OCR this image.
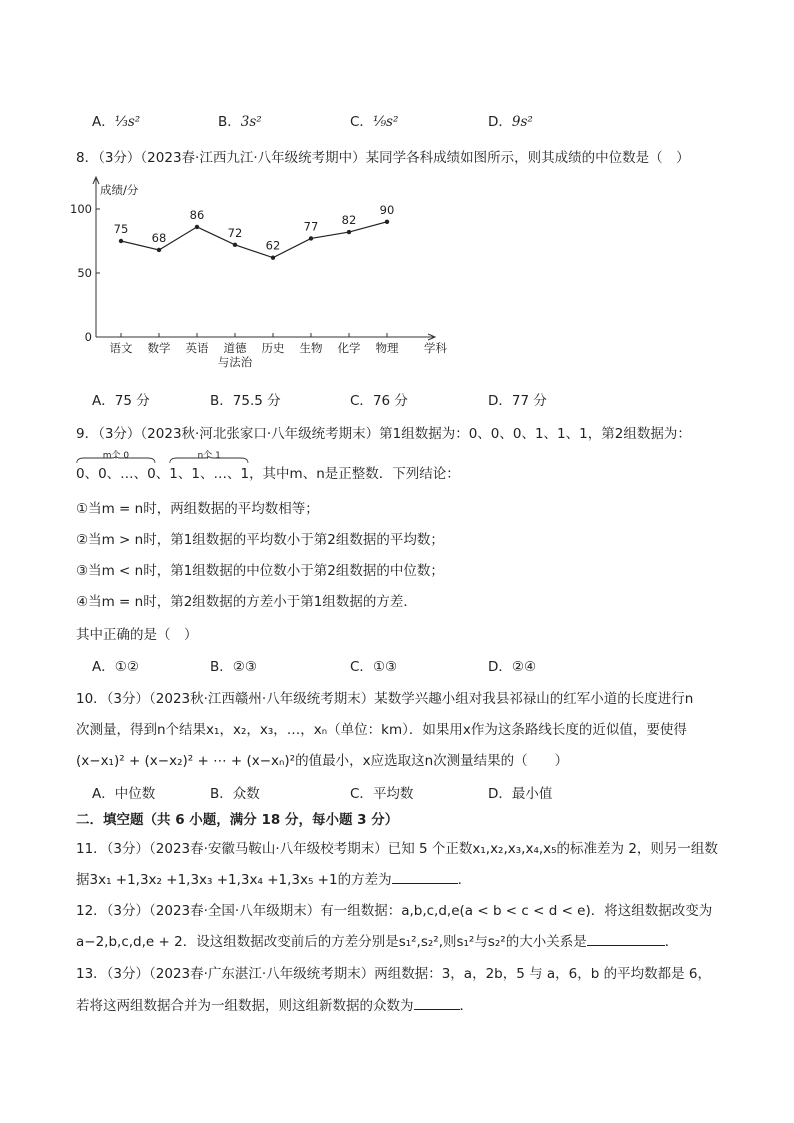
A．⅓s²	B．3s²	C．⅑s²	D．9s²
8．（3分）（2023春·江西九江·八年级统考期中）某同学各科成绩如图所示，则其成绩的中位数是（　）
0
50
100
语文 数学 英语 道德
与法治
历史 生物 化学 物理
成绩/分
学科
75
68
86
72
62
77 82
90
A．75 分	B．75.5 分	C．76 分	D．77 分
9．（3分）（2023秋·河北张家口·八年级统考期末）第1组数据为：0、0、0、1、1、1，第2组数据为：
m个 0
0、0、…、0、
n个 1
1、1、…、1，其中m、n是正整数．下列结论：
①当m = n时，两组数据的平均数相等；
②当m > n时，第1组数据的平均数小于第2组数据的平均数；
③当m < n时，第1组数据的中位数小于第2组数据的中位数；
④当m = n时，第2组数据的方差小于第1组数据的方差．
其中正确的是（　）
A．①②	B．②③	C．①③	D．②④
10．（3分）（2023秋·江西赣州·八年级统考期末）某数学兴趣小组对我县祁禄山的红军小道的长度进行n
次测量，得到n个结果x₁，x₂，x₃，…，xₙ（单位：km）．如果用x作为这条路线长度的近似值，要使得
(x−x₁)² + (x−x₂)² + ⋯ + (x−xₙ)²的值最小，x应选取这n次测量结果的（　　）
A．中位数	B．众数	C．平均数	D．最小值
二．填空题（共 6 小题，满分 18 分，每小题 3 分）
11．（3分）（2023春·安徽马鞍山·八年级校考期末）已知 5 个正数x₁,x₂,x₃,x₄,x₅的标准差为 2，则另一组数
据3x₁ +1,3x₂ +1,3x₃ +1,3x₄ +1,3x₅ +1的方差为	．
12．（3分）（2023春·全国·八年级期末）有一组数据：a,b,c,d,e(a < b < c < d < e)．将这组数据改变为
a−2,b,c,d,e + 2．设这组数据改变前后的方差分别是s₁²,s₂²,则s₁²与s₂²的大小关系是	．
13．（3分）（2023春·广东湛江·八年级统考期末）两组数据：3，a，2b，5 与 a，6，b 的平均数都是 6，
若将这两组数据合并为一组数据，则这组新数据的众数为	．
